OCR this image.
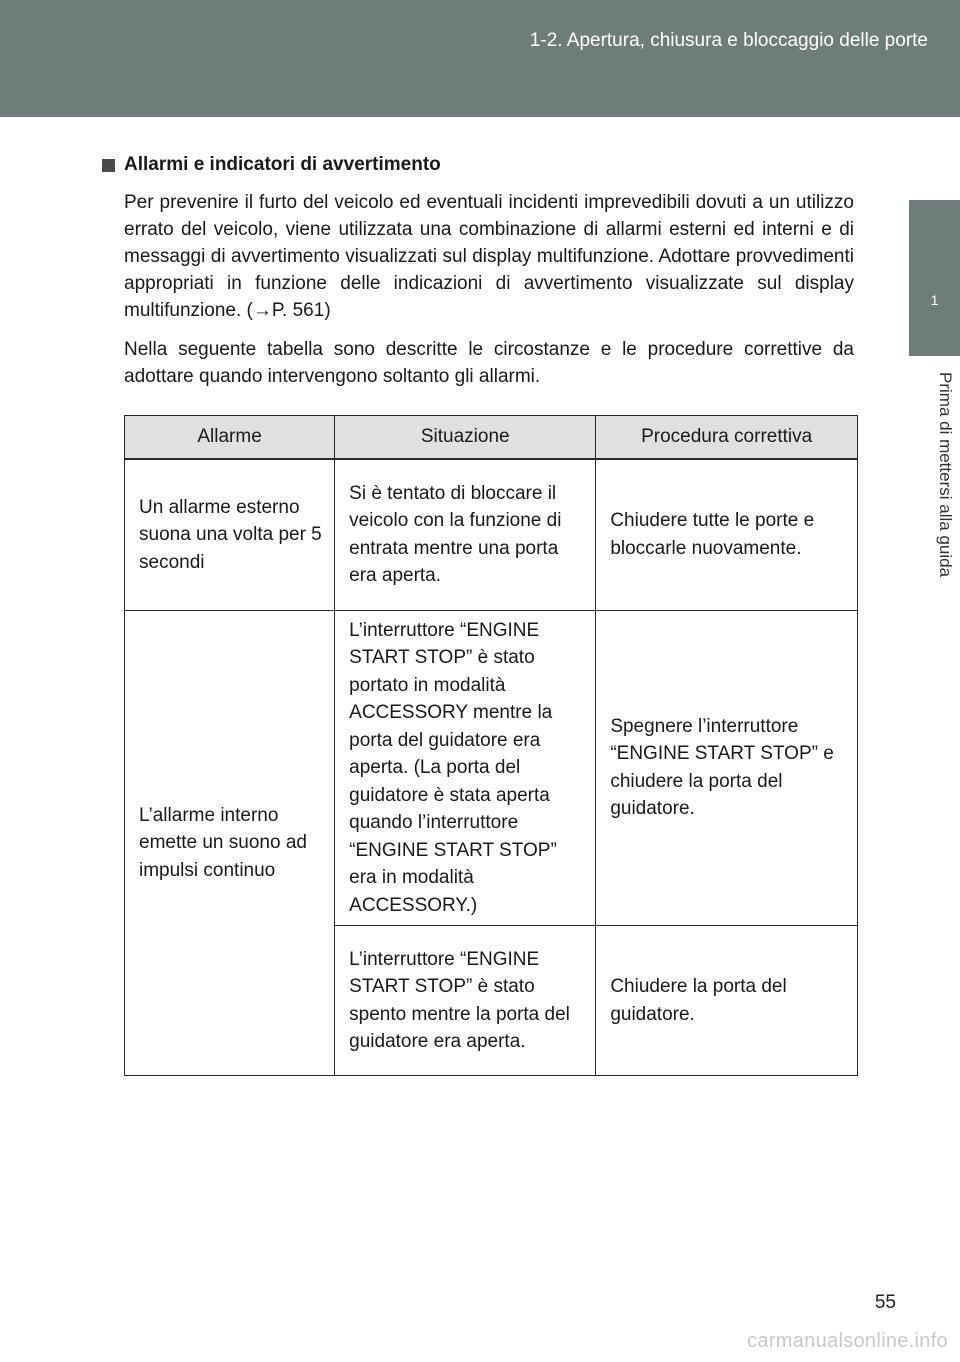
1-2. Apertura, chiusura e bloccaggio delle porte
1
Prima di mettersi alla guida
Allarmi e indicatori di avvertimento

Per prevenire il furto del veicolo ed eventuali incidenti imprevedibili dovuti a un utilizzo errato del veicolo, viene utilizzata una combinazione di allarmi esterni ed interni e di messaggi di avvertimento visualizzati sul display multifunzione. Adottare provvedimenti appropriati in funzione delle indicazioni di avvertimento visualizzate sul display multifunzione. (→P. 561)

Nella seguente tabella sono descritte le circostanze e le procedure correttive da adottare quando intervengono soltanto gli allarmi.

Allarme	Situazione	Procedura correttiva
Un allarme esterno suona una volta per 5 secondi	Si è tentato di bloccare il veicolo con la funzione di entrata mentre una porta era aperta.	Chiudere tutte le porte e bloccarle nuovamente.
L’allarme interno emette un suono ad impulsi continuo	L’interruttore “ENGINE START STOP” è stato portato in modalità ACCESSORY mentre la porta del guidatore era aperta. (La porta del guidatore è stata aperta quando l’interruttore “ENGINE START STOP” era in modalità ACCESSORY.)	Spegnere l’interruttore “ENGINE START STOP” e chiudere la porta del guidatore.
	L’interruttore “ENGINE START STOP” è stato spento mentre la porta del guidatore era aperta.	Chiudere la porta del guidatore.
55
carmanualsonline.info
